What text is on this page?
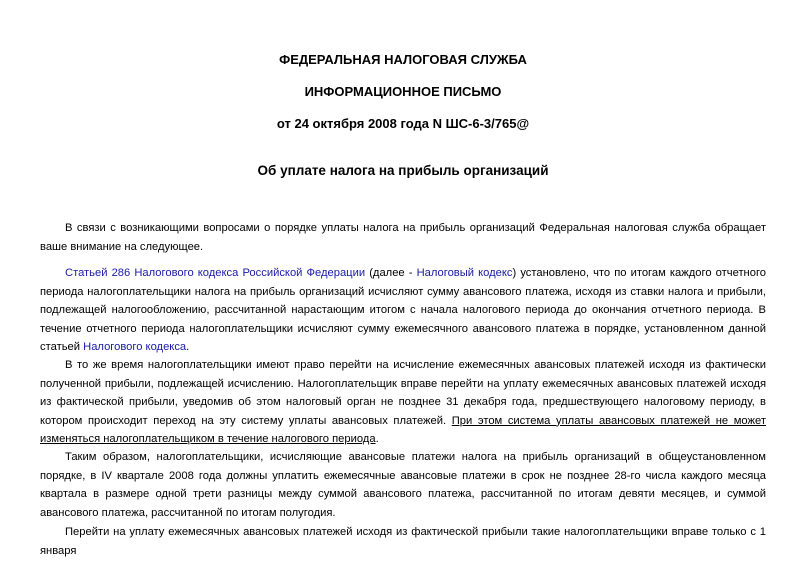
ФЕДЕРАЛЬНАЯ НАЛОГОВАЯ СЛУЖБА
ИНФОРМАЦИОННОЕ ПИСЬМО
от 24 октября 2008 года N ШС-6-3/765@
Об уплате налога на прибыль организаций

В связи с возникающими вопросами о порядке уплаты налога на прибыль организаций Федеральная налоговая служба обращает ваше внимание на следующее.

Статьей 286 Налогового кодекса Российской Федерации (далее - Налоговый кодекс) установлено, что по итогам каждого отчетного периода налогоплательщики налога на прибыль организаций исчисляют сумму авансового платежа, исходя из ставки налога и прибыли, подлежащей налогообложению, рассчитанной нарастающим итогом с начала налогового периода до окончания отчетного периода. В течение отчетного периода налогоплательщики исчисляют сумму ежемесячного авансового платежа в порядке, установленном данной статьей Налогового кодекса.

В то же время налогоплательщики имеют право перейти на исчисление ежемесячных авансовых платежей исходя из фактически полученной прибыли, подлежащей исчислению. Налогоплательщик вправе перейти на уплату ежемесячных авансовых платежей исходя из фактической прибыли, уведомив об этом налоговый орган не позднее 31 декабря года, предшествующего налоговому периоду, в котором происходит переход на эту систему уплаты авансовых платежей. При этом система уплаты авансовых платежей не может изменяться налогоплательщиком в течение налогового периода.

Таким образом, налогоплательщики, исчисляющие авансовые платежи налога на прибыль организаций в общеустановленном порядке, в IV квартале 2008 года должны уплатить ежемесячные авансовые платежи в срок не позднее 28-го числа каждого месяца квартала в размере одной трети разницы между суммой авансового платежа, рассчитанной по итогам девяти месяцев, и суммой авансового платежа, рассчитанной по итогам полугодия.

Перейти на уплату ежемесячных авансовых платежей исходя из фактической прибыли такие налогоплательщики вправе только с 1 января
